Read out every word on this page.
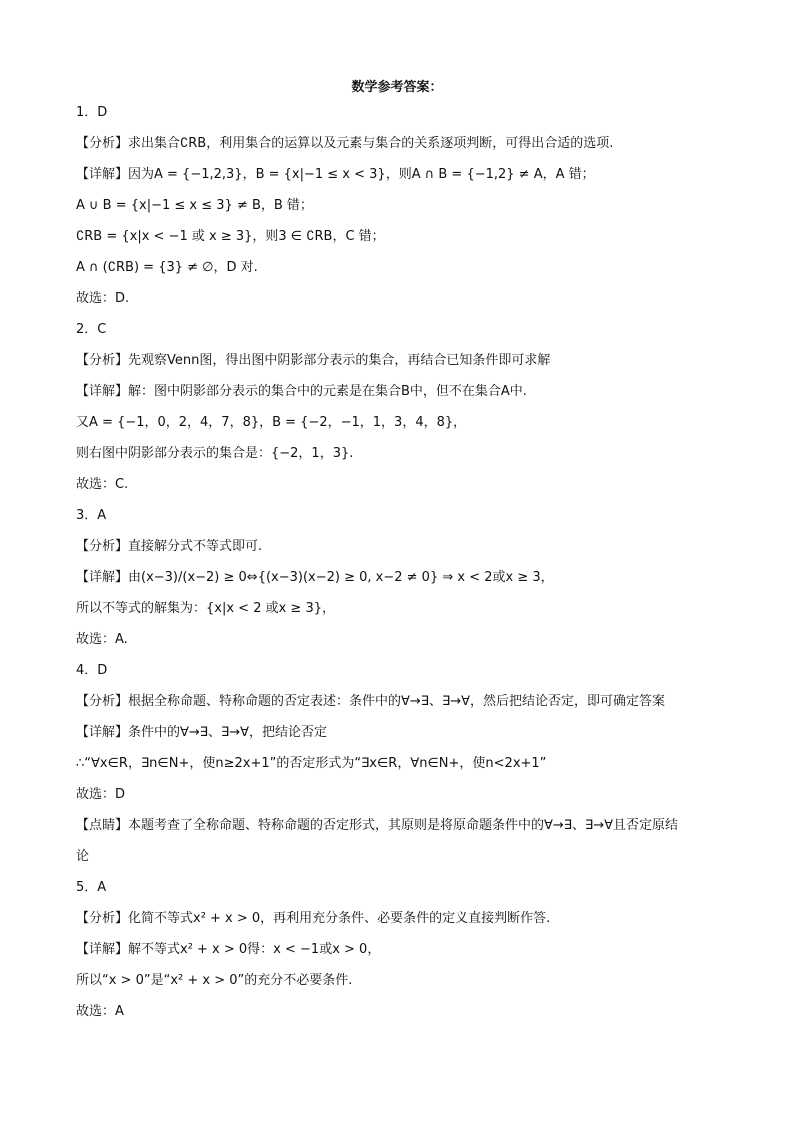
数学参考答案：
1．D
【分析】求出集合∁RB，利用集合的运算以及元素与集合的关系逐项判断，可得出合适的选项.
【详解】因为A = {−1,2,3}，B = {x|−1 ≤ x < 3}，则A ∩ B = {−1,2} ≠ A，A 错；
A ∪ B = {x|−1 ≤ x ≤ 3} ≠ B，B 错；
∁RB = {x|x < −1 或 x ≥ 3}，则3 ∈ ∁RB，C 错；
A ∩ (∁RB) = {3} ≠ ∅，D 对.
故选：D.
2．C
【分析】先观察Venn图，得出图中阴影部分表示的集合，再结合已知条件即可求解
【详解】解：图中阴影部分表示的集合中的元素是在集合B中，但不在集合A中.
又A = {−1，0，2，4，7，8}，B = {−2，−1，1，3，4，8}，
则右图中阴影部分表示的集合是：{−2，1，3}.
故选：C.
3．A
【分析】直接解分式不等式即可.
【详解】由(x−3)/(x−2) ≥ 0⇔{(x−3)(x−2) ≥ 0, x−2 ≠ 0} ⇒ x < 2或x ≥ 3，
所以不等式的解集为：{x|x < 2 或x ≥ 3}，
故选：A.
4．D
【分析】根据全称命题、特称命题的否定表述：条件中的∀→∃、∃→∀，然后把结论否定，即可确定答案
【详解】条件中的∀→∃、∃→∀，把结论否定
∴“∀x∈R，∃n∈N+，使n≥2x+1”的否定形式为“∃x∈R，∀n∈N+，使n<2x+1”
故选：D
【点睛】本题考查了全称命题、特称命题的否定形式，其原则是将原命题条件中的∀→∃、∃→∀且否定原结
论
5．A
【分析】化简不等式x² + x > 0，再利用充分条件、必要条件的定义直接判断作答.
【详解】解不等式x² + x > 0得：x < −1或x > 0，
所以“x > 0”是“x² + x > 0”的充分不必要条件.
故选：A
